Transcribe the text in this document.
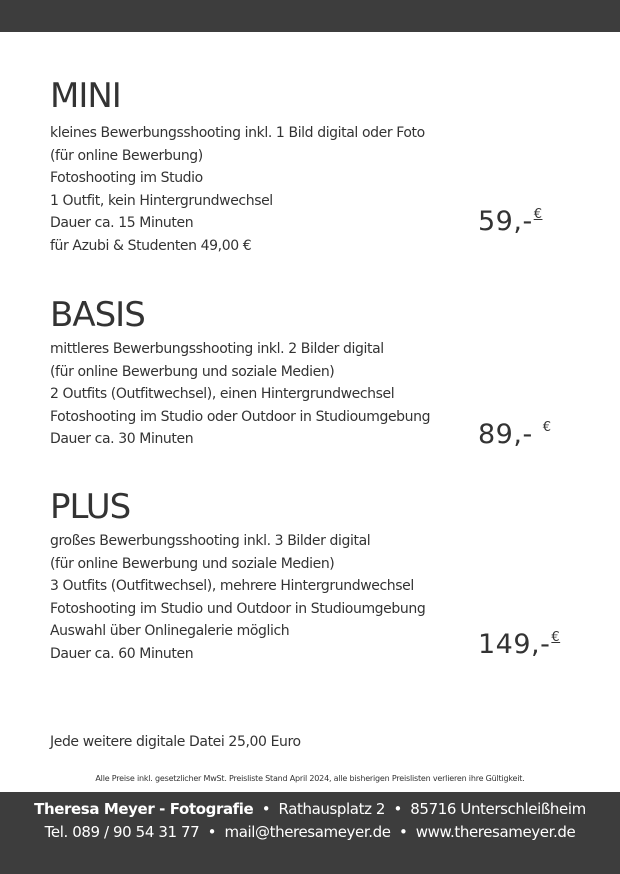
MINI
kleines Bewerbungsshooting inkl. 1 Bild digital oder Foto
(für online Bewerbung)
Fotoshooting im Studio
1 Outfit, kein Hintergrundwechsel
Dauer ca. 15 Minuten
für Azubi & Studenten 49,00 €
59,-€
BASIS
mittleres Bewerbungsshooting inkl. 2 Bilder digital
(für online Bewerbung und soziale Medien)
2 Outfits (Outfitwechsel), einen Hintergrundwechsel
Fotoshooting im Studio oder Outdoor in Studioumgebung
Dauer ca. 30 Minuten	89,- €
PLUS
großes Bewerbungsshooting inkl. 3 Bilder digital
(für online Bewerbung und soziale Medien)
3 Outfits (Outfitwechsel), mehrere Hintergrundwechsel
Fotoshooting im Studio und Outdoor in Studioumgebung
Auswahl über Onlinegalerie möglich
Dauer ca. 60 Minuten	149,-€
Jede weitere digitale Datei 25,00 Euro
Alle Preise inkl. gesetzlicher MwSt. Preisliste Stand April 2024, alle bisherigen Preislisten verlieren ihre Gültigkeit.
Theresa Meyer - Fotografie • Rathausplatz 2 • 85716 Unterschleißheim
Tel. 089 / 90 54 31 77 • mail@theresameyer.de • www.theresameyer.de
